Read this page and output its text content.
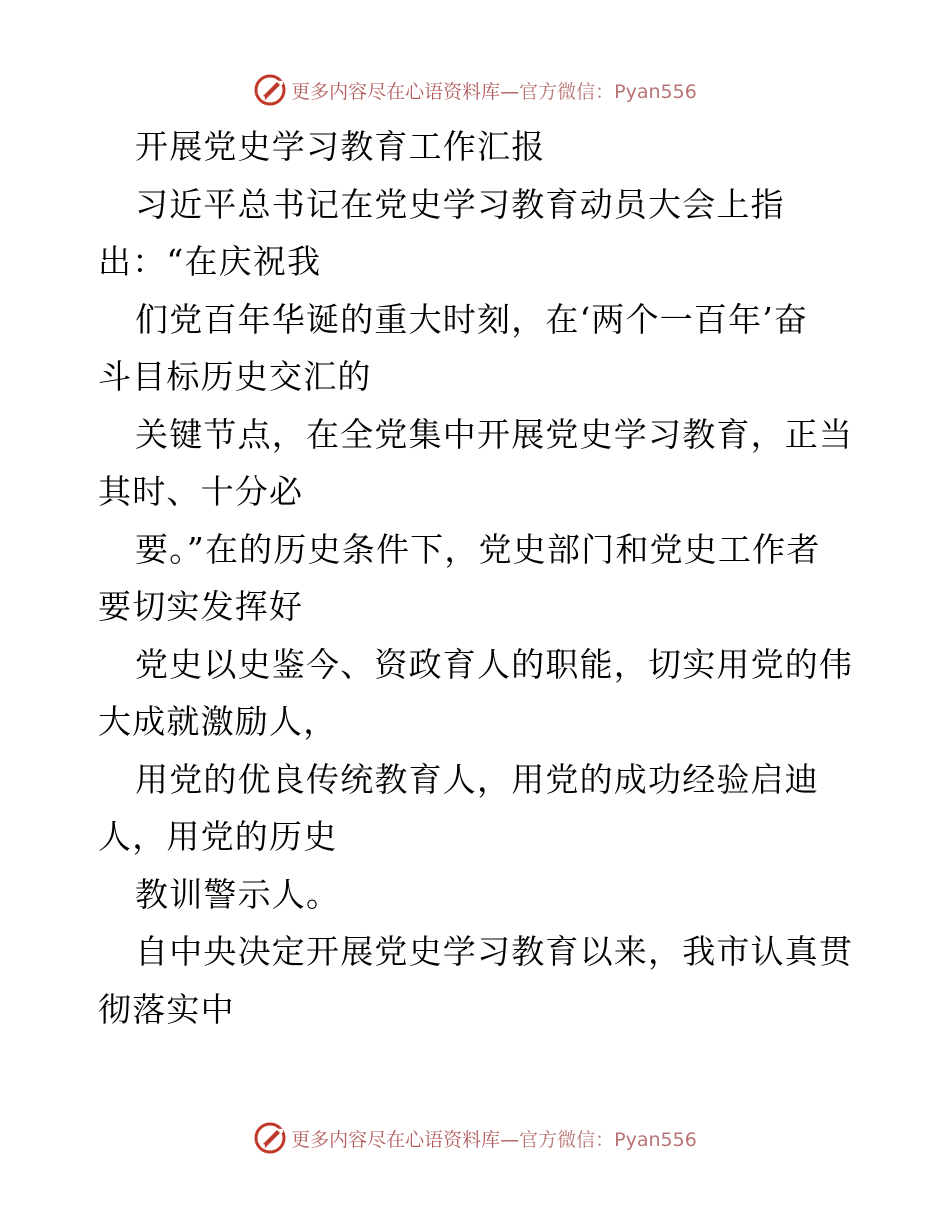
更多内容尽在心语资料库—官方微信：Pyan556
开展党史学习教育工作汇报
习近平总书记在党史学习教育动员大会上指
出：“在庆祝我
们党百年华诞的重大时刻，在‘两个一百年’奋
斗目标历史交汇的
关键节点，在全党集中开展党史学习教育，正当
其时、十分必
要。”在的历史条件下，党史部门和党史工作者
要切实发挥好
党史以史鉴今、资政育人的职能，切实用党的伟
大成就激励人，
用党的优良传统教育人，用党的成功经验启迪
人，用党的历史
教训警示人。
自中央决定开展党史学习教育以来，我市认真贯
彻落实中
更多内容尽在心语资料库—官方微信：Pyan556
